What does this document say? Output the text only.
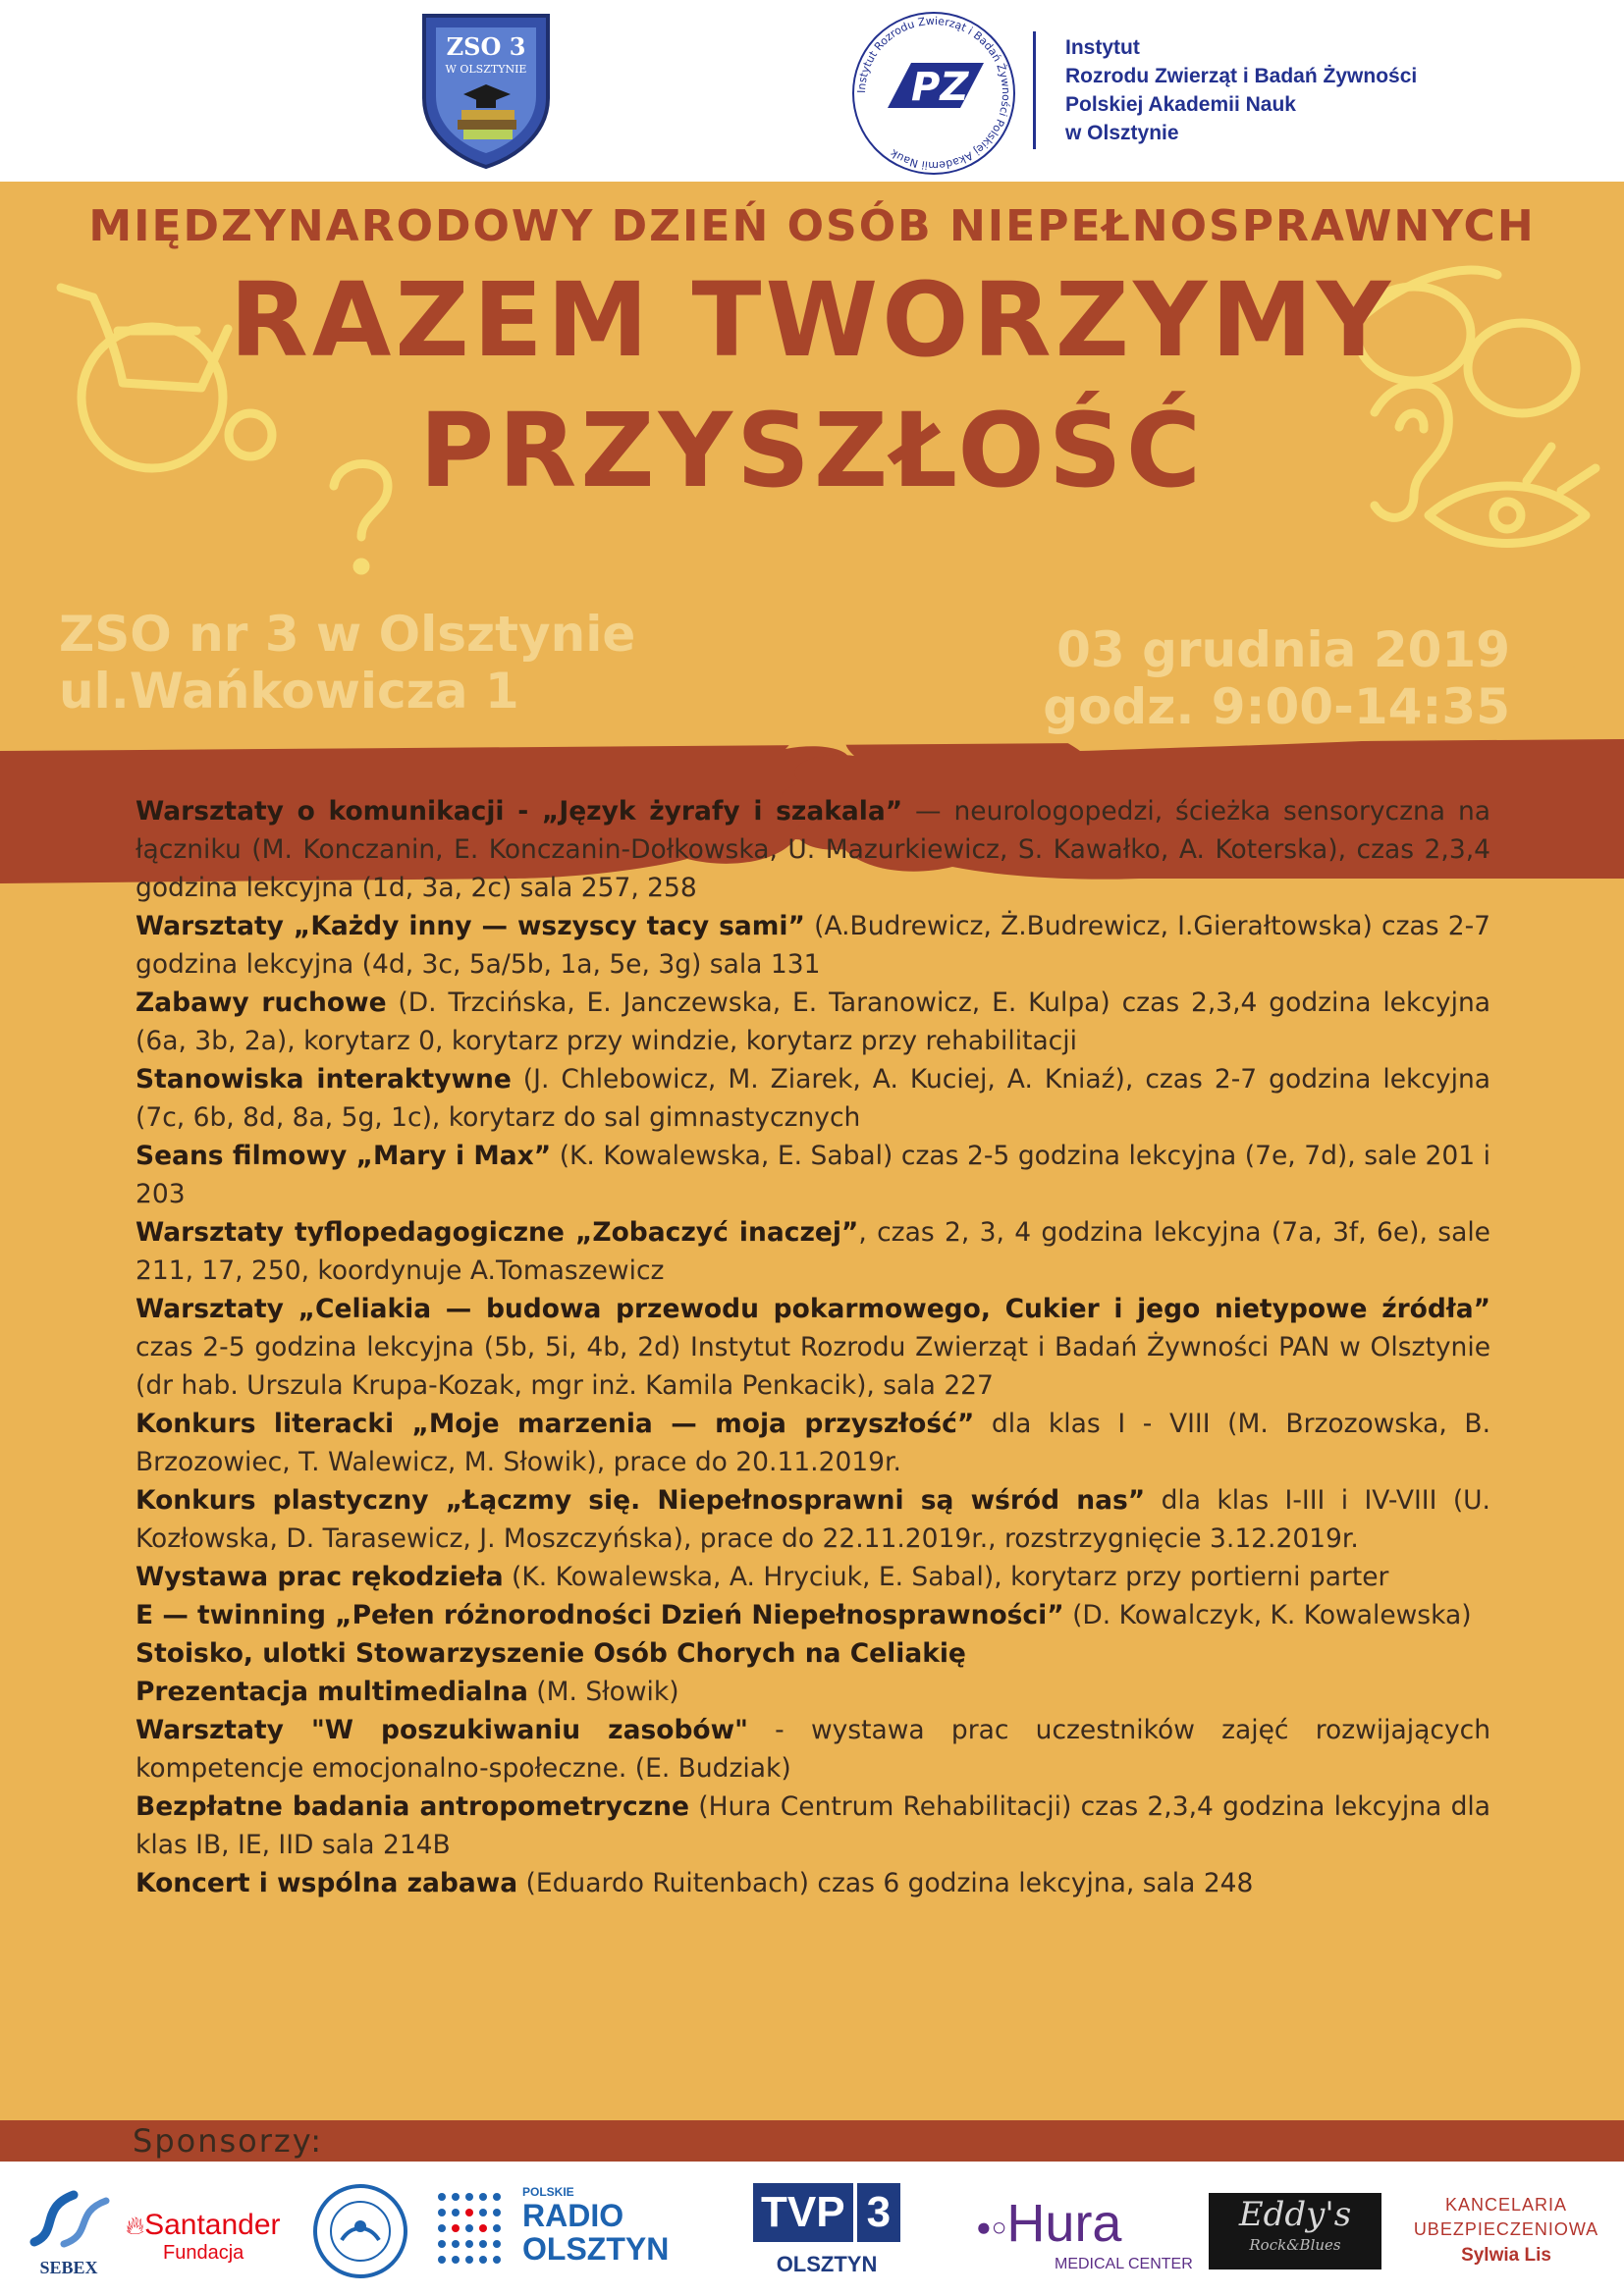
ZSO 3
W OLSZTYNIE
Instytut Rozrodu Zwierząt i Badań Żywności Polskiej Akademii Nauk
PZ
Instytut
Rozrodu Zwierząt i Badań Żywności
Polskiej Akademii Nauk
w Olsztynie
MIĘDZYNARODOWY DZIEŃ OSÓB NIEPEŁNOSPRAWNYCH
RAZEM TWORZYMY
PRZYSZŁOŚĆ
ZSO nr 3 w Olsztynie
ul.Wańkowicza 1
03 grudnia 2019
godz. 9:00-14:35

Warsztaty o komunikacji - „Język żyrafy i szakala” — neurologopedzi, ścieżka sensoryczna na łączniku (M. Konczanin, E. Konczanin-Dołkowska, U. Mazurkiewicz, S. Kawałko, A. Koterska), czas 2,3,4 godzina lekcyjna (1d, 3a, 2c) sala 257, 258

Warsztaty „Każdy inny — wszyscy tacy sami” (A.Budrewicz, Ż.Budrewicz, I.Gierałtowska) czas 2-7 godzina lekcyjna (4d, 3c, 5a/5b, 1a, 5e, 3g) sala 131

Zabawy ruchowe (D. Trzcińska, E. Janczewska, E. Taranowicz, E. Kulpa) czas 2,3,4 godzina lekcyjna (6a, 3b, 2a), korytarz 0, korytarz przy windzie, korytarz przy rehabilitacji

Stanowiska interaktywne (J. Chlebowicz, M. Ziarek, A. Kuciej, A. Kniaź), czas 2-7 godzina lekcyjna (7c, 6b, 8d, 8a, 5g, 1c), korytarz do sal gimnastycznych

Seans filmowy „Mary i Max” (K. Kowalewska, E. Sabal) czas 2-5 godzina lekcyjna (7e, 7d), sale 201 i 203

Warsztaty tyflopedagogiczne „Zobaczyć inaczej”, czas 2, 3, 4 godzina lekcyjna (7a, 3f, 6e), sale 211, 17, 250, koordynuje A.Tomaszewicz

Warsztaty „Celiakia — budowa przewodu pokarmowego, Cukier i jego nietypowe źródła” czas 2-5 godzina lekcyjna (5b, 5i, 4b, 2d) Instytut Rozrodu Zwierząt i Badań Żywności PAN w Olsztynie (dr hab. Urszula Krupa-Kozak, mgr inż. Kamila Penkacik), sala 227

Konkurs literacki „Moje marzenia — moja przyszłość” dla klas I - VIII (M. Brzozowska, B. Brzozowiec, T. Walewicz, M. Słowik), prace do 20.11.2019r.

Konkurs plastyczny „Łączmy się. Niepełnosprawni są wśród nas” dla klas I-III i IV-VIII (U. Kozłowska, D. Tarasewicz, J. Moszczyńska), prace do 22.11.2019r., rozstrzygnięcie 3.12.2019r.

Wystawa prac rękodzieła (K. Kowalewska, A. Hryciuk, E. Sabal), korytarz przy portierni parter

E — twinning „Pełen różnorodności Dzień Niepełnosprawności” (D. Kowalczyk, K. Kowalewska)

Stoisko, ulotki Stowarzyszenie Osób Chorych na Celiakię

Prezentacja multimedialna (M. Słowik)

Warsztaty "W poszukiwaniu zasobów" - wystawa prac uczestników zajęć rozwijających kompetencje emocjonalno-społeczne. (E. Budziak)

Bezpłatne badania antropometryczne (Hura Centrum Rehabilitacji) czas 2,3,4 godzina lekcyjna dla klas IB, IE, IID sala 214B

Koncert i wspólna zabawa (Eduardo Ruitenbach) czas 6 godzina lekcyjna, sala 248

Sponsorzy:
SEBEX
🔥︎Santander
Fundacja
POLSKIE
RADIO
OLSZTYN
TVP 3
OLSZTYN
●○Hura
MEDICAL CENTER
Eddy's
Rock&Blues
KANCELARIA
UBEZPIECZENIOWA
Sylwia Lis
